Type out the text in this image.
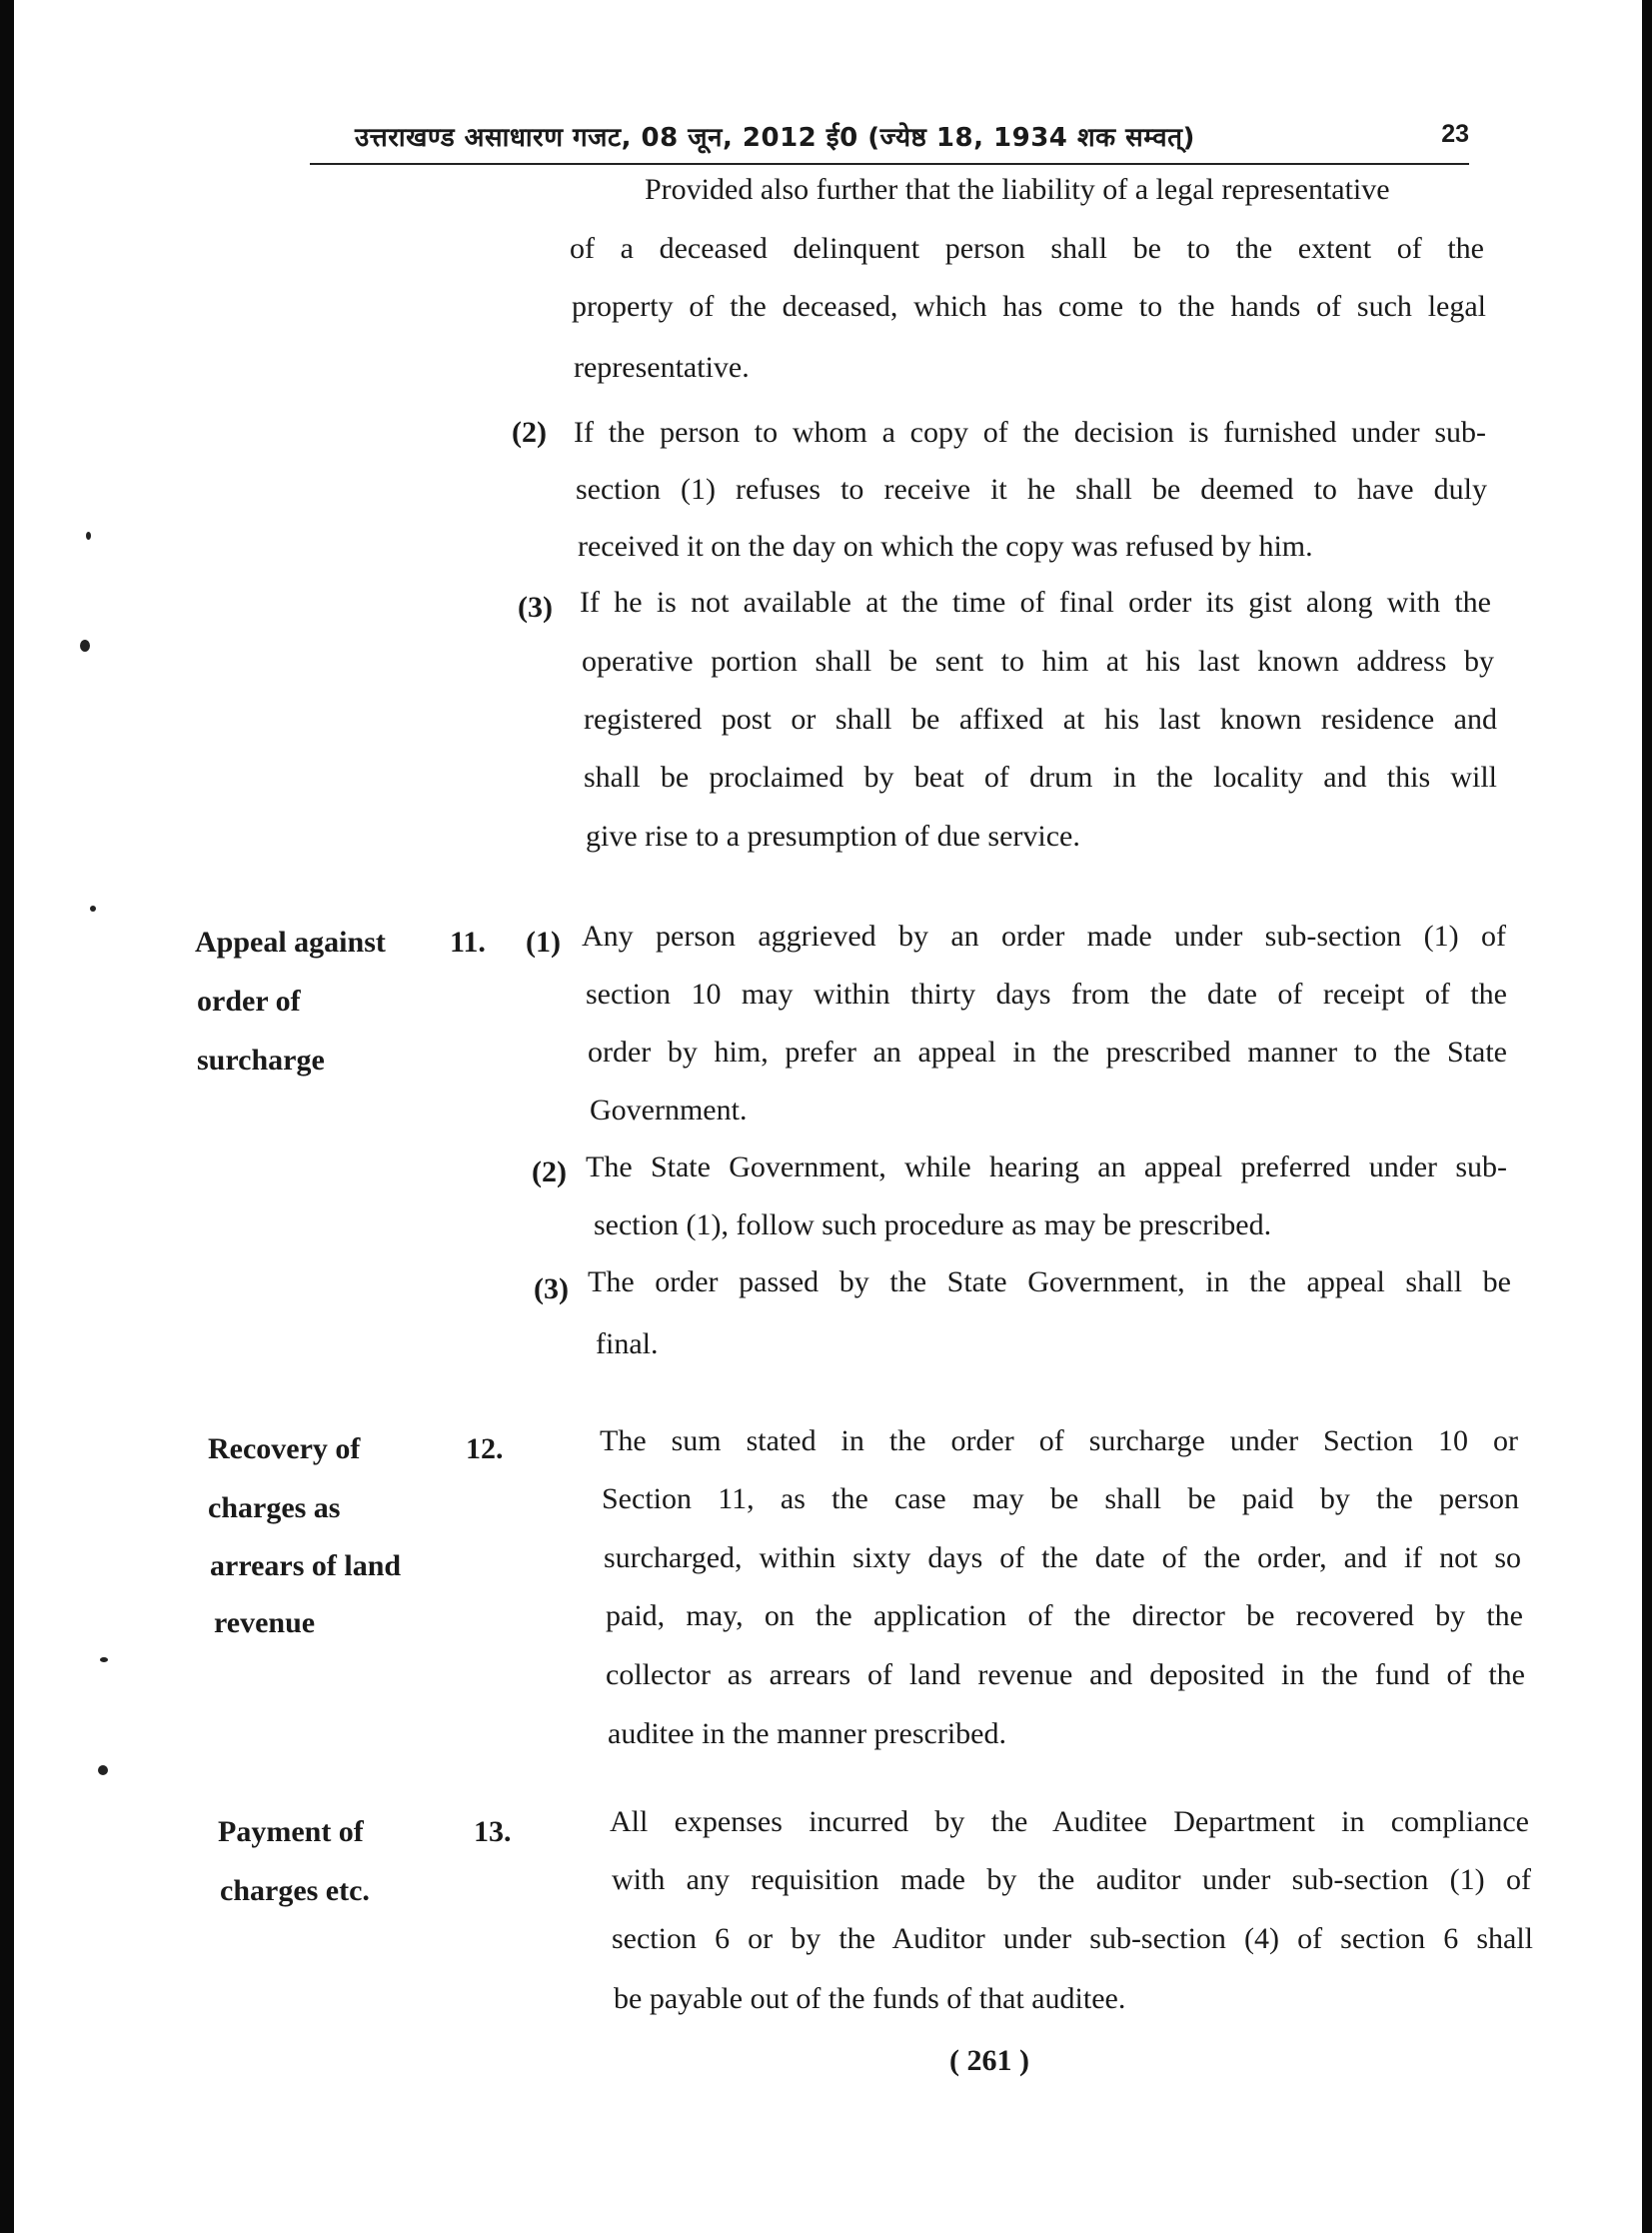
उत्तराखण्ड असाधारण गजट, 08 जून, 2012 ई0 (ज्येष्ठ 18, 1934 शक सम्वत्)	23
Provided also further that the liability of a legal representative
of a deceased delinquent person shall be to the extent of the
property of the deceased, which has come to the hands of such legal
representative.
(2) If the person to whom a copy of the decision is furnished under sub-
section (1) refuses to receive it he shall be deemed to have duly
received it on the day on which the copy was refused by him.
(3) If he is not available at the time of final order its gist along with the
operative portion shall be sent to him at his last known address by
registered post or shall be affixed at his last known residence and
shall be proclaimed by beat of drum in the locality and this will
give rise to a presumption of due service.
Appeal against
order of
surcharge
11. (1) Any person aggrieved by an order made under sub-section (1) of
section 10 may within thirty days from the date of receipt of the
order by him, prefer an appeal in the prescribed manner to the State
Government.
(2) The State Government, while hearing an appeal preferred under sub-
section (1), follow such procedure as may be prescribed.
(3) The order passed by the State Government, in the appeal shall be
final.
Recovery of
charges as
arrears of land
revenue
12.	The sum stated in the order of surcharge under Section 10 or
Section 11, as the case may be shall be paid by the person
surcharged, within sixty days of the date of the order, and if not so
paid, may, on the application of the director be recovered by the
collector as arrears of land revenue and deposited in the fund of the
auditee in the manner prescribed.
Payment of
charges etc.
13.	All expenses incurred by the Auditee Department in compliance
with any requisition made by the auditor under sub-section (1) of
section 6 or by the Auditor under sub-section (4) of section 6 shall
be payable out of the funds of that auditee.
( 261 )
